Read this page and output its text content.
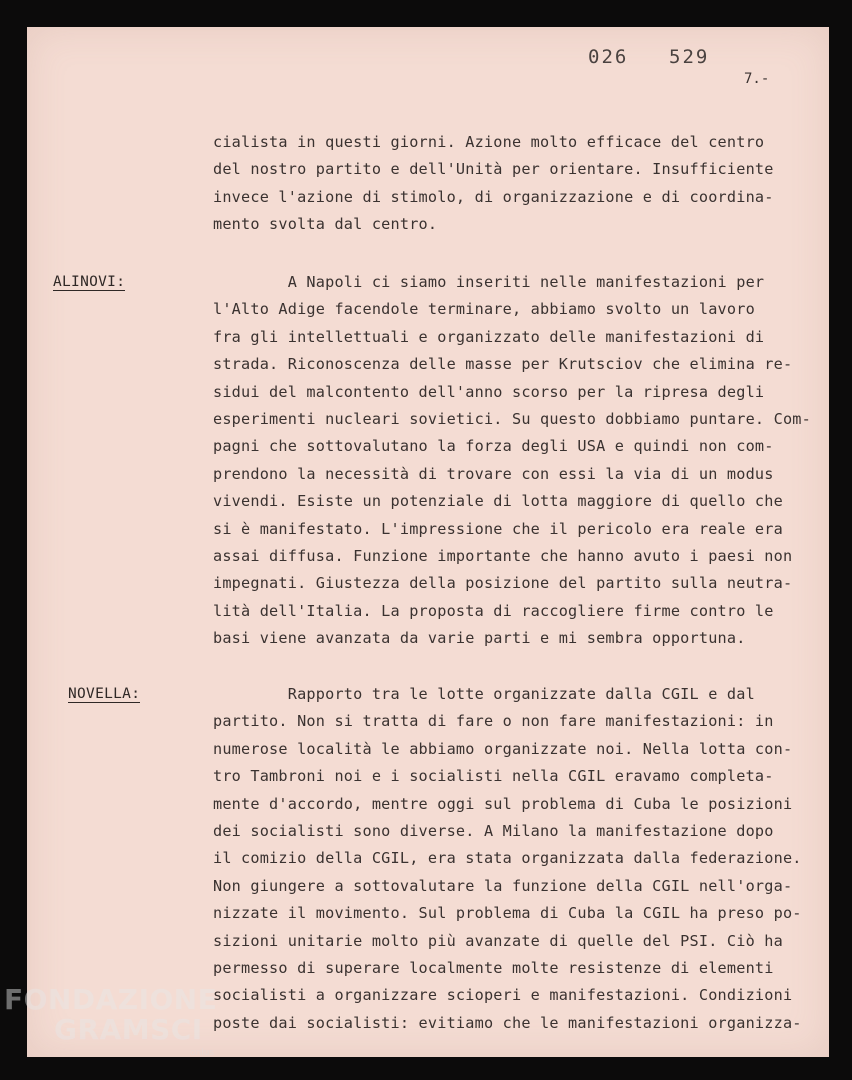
026 529
7.-
cialista in questi giorni. Azione molto efficace del centro
del nostro partito e dell'Unità per orientare. Insufficiente
invece l'azione di stimolo, di organizzazione e di coordina-
mento svolta dal centro.
ALINOVI:	A Napoli ci siamo inseriti nelle manifestazioni per
l'Alto Adige facendole terminare, abbiamo svolto un lavoro
fra gli intellettuali e organizzato delle manifestazioni di
strada. Riconoscenza delle masse per Krutsciov che elimina re-
sidui del malcontento dell'anno scorso per la ripresa degli
esperimenti nucleari sovietici. Su questo dobbiamo puntare. Com-
pagni che sottovalutano la forza degli USA e quindi non com-
prendono la necessità di trovare con essi la via di un modus
vivendi. Esiste un potenziale di lotta maggiore di quello che
si è manifestato. L'impressione che il pericolo era reale era
assai diffusa. Funzione importante che hanno avuto i paesi non
impegnati. Giustezza della posizione del partito sulla neutra-
lità dell'Italia. La proposta di raccogliere firme contro le
basi viene avanzata da varie parti e mi sembra opportuna.
NOVELLA:	Rapporto tra le lotte organizzate dalla CGIL e dal
partito. Non si tratta di fare o non fare manifestazioni: in
numerose località le abbiamo organizzate noi. Nella lotta con-
tro Tambroni noi e i socialisti nella CGIL eravamo completa-
mente d'accordo, mentre oggi sul problema di Cuba le posizioni
dei socialisti sono diverse. A Milano la manifestazione dopo
il comizio della CGIL, era stata organizzata dalla federazione.
Non giungere a sottovalutare la funzione della CGIL nell'orga-
nizzate il movimento. Sul problema di Cuba la CGIL ha preso po-
sizioni unitarie molto più avanzate di quelle del PSI. Ciò ha
permesso di superare localmente molte resistenze di elementi
socialisti a organizzare scioperi e manifestazioni. Condizioni
poste dai socialisti: evitiamo che le manifestazioni organizza-
FONDAZIONE
GRAMSCI
onlus
